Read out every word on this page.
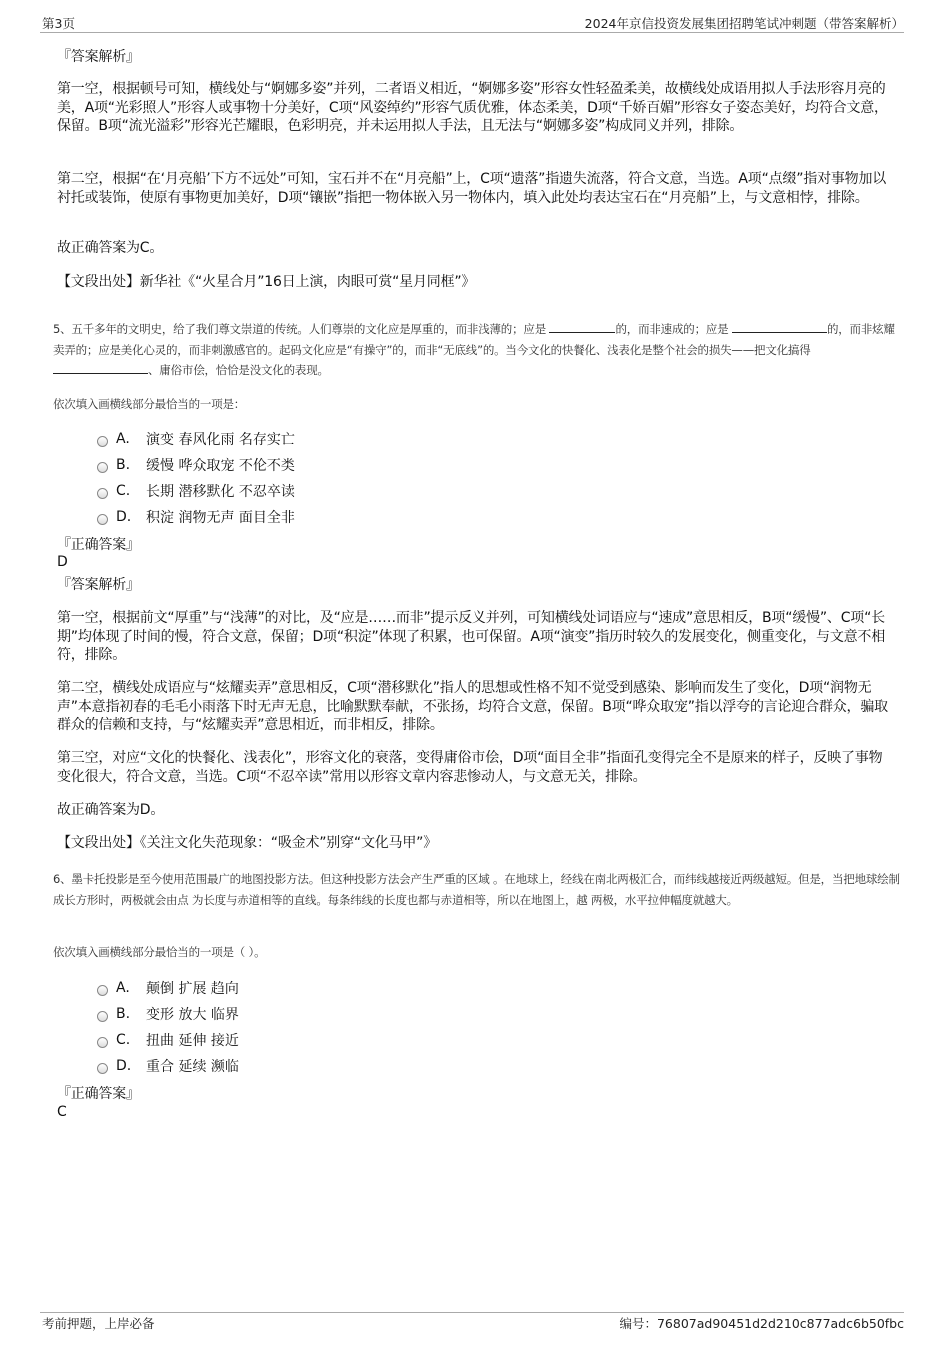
第3页	2024年京信投资发展集团招聘笔试冲刺题（带答案解析）
『答案解析』
第一空，根据顿号可知，横线处与“婀娜多姿”并列，二者语义相近，“婀娜多姿”形容女性轻盈柔美，故横线处成语用拟人手法形容月亮的美，A项“光彩照人”形容人或事物十分美好，C项“风姿绰约”形容气质优雅，体态柔美，D项“千娇百媚”形容女子姿态美好，均符合文意，保留。B项“流光溢彩”形容光芒耀眼，色彩明亮，并未运用拟人手法，且无法与“婀娜多姿”构成同义并列，排除。
第二空，根据“在‘月亮船’下方不远处”可知，宝石并不在“月亮船”上，C项“遗落”指遗失流落，符合文意，当选。A项“点缀”指对事物加以衬托或装饰，使原有事物更加美好，D项“镶嵌”指把一物体嵌入另一物体内，填入此处均表达宝石在“月亮船”上，与文意相悖，排除。
故正确答案为C。
【文段出处】新华社《“火星合月”16日上演，肉眼可赏“星月同框”》
5、五千多年的文明史，给了我们尊文崇道的传统。人们尊崇的文化应是厚重的，而非浅薄的；应是	的，而非速成的；应是	的，而非炫耀卖弄的；应是美化心灵的，而非刺激感官的。起码文化应是“有操守”的，而非“无底线”的。当今文化的快餐化、浅表化是整个社会的损失——把文化搞得 、庸俗市侩，恰恰是没文化的表现。
依次填入画横线部分最恰当的一项是：
A.	演变 春风化雨 名存实亡
B.	缓慢 哗众取宠 不伦不类
C.	长期 潜移默化 不忍卒读
D.	积淀 润物无声 面目全非
『正确答案』
D
『答案解析』
第一空，根据前文“厚重”与“浅薄”的对比，及“应是……而非”提示反义并列，可知横线处词语应与“速成”意思相反，B项“缓慢”、C项“长期”均体现了时间的慢，符合文意，保留；D项“积淀”体现了积累，也可保留。A项“演变”指历时较久的发展变化，侧重变化，与文意不相符，排除。
第二空，横线处成语应与“炫耀卖弄”意思相反，C项“潜移默化”指人的思想或性格不知不觉受到感染、影响而发生了变化，D项“润物无声”本意指初春的毛毛小雨落下时无声无息，比喻默默奉献，不张扬，均符合文意，保留。B项“哗众取宠”指以浮夸的言论迎合群众，骗取群众的信赖和支持，与“炫耀卖弄”意思相近，而非相反，排除。
第三空，对应“文化的快餐化、浅表化”，形容文化的衰落，变得庸俗市侩，D项“面目全非”指面孔变得完全不是原来的样子，反映了事物变化很大，符合文意，当选。C项“不忍卒读”常用以形容文章内容悲惨动人，与文意无关，排除。
故正确答案为D。
【文段出处】《关注文化失范现象：“吸金术”别穿“文化马甲”》
6、墨卡托投影是至今使用范围最广的地图投影方法。但这种投影方法会产生严重的区域 。在地球上，经线在南北两极汇合，而纬线越接近两级越短。但是，当把地球绘制成长方形时，两极就会由点 为长度与赤道相等的直线。每条纬线的长度也都与赤道相等，所以在地图上，越 两极，水平拉伸幅度就越大。
依次填入画横线部分最恰当的一项是（ ）。
A.	颠倒 扩展 趋向
B.	变形 放大 临界
C.	扭曲 延伸 接近
D.	重合 延续 濒临
『正确答案』
C
考前押题，上岸必备	编号：76807ad90451d2d210c877adc6b50fbc
